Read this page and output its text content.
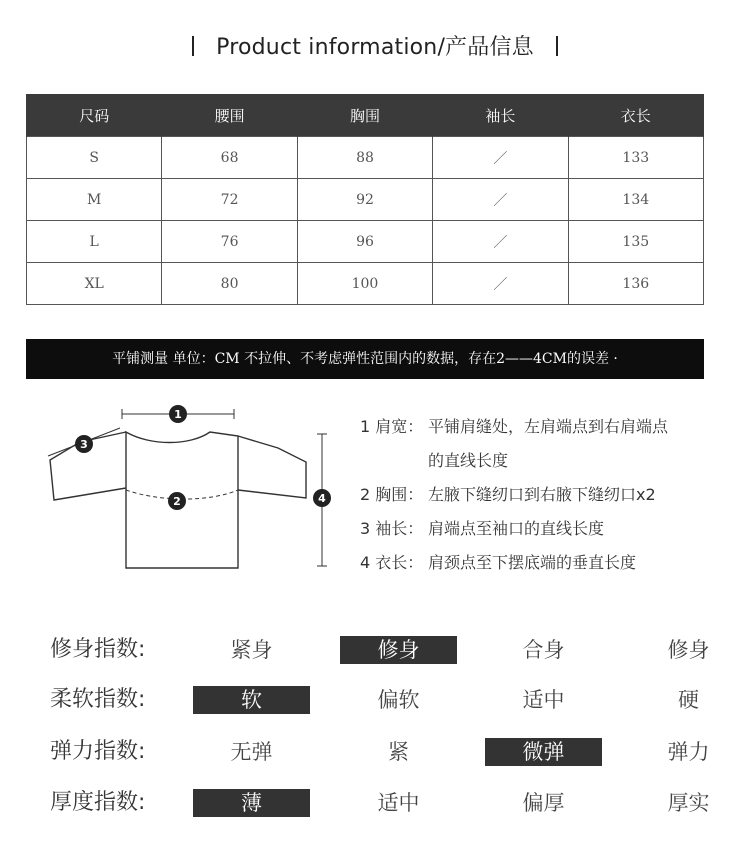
Product information/产品信息
尺码	腰围	胸围	袖长	衣长
S	68	88	／	133
M	72	92	／	134
L	76	96	／	135
XL	80	100	／	136
平铺测量 单位：CM 不拉伸、不考虑弹性范围内的数据，存在2——4CM的误差 ·
1
2
3
4
1 肩宽： 平铺肩缝处，左肩端点到右肩端点
的直线长度
2 胸围： 左腋下缝纫口到右腋下缝纫口x2
3 袖长： 肩端点至袖口的直线长度
4 衣长： 肩颈点至下摆底端的垂直长度
修身指数:	紧身	修身	合身	修身
柔软指数:	软	偏软	适中	硬
弹力指数:	无弹	紧	微弹	弹力
厚度指数:	薄	适中	偏厚	厚实
